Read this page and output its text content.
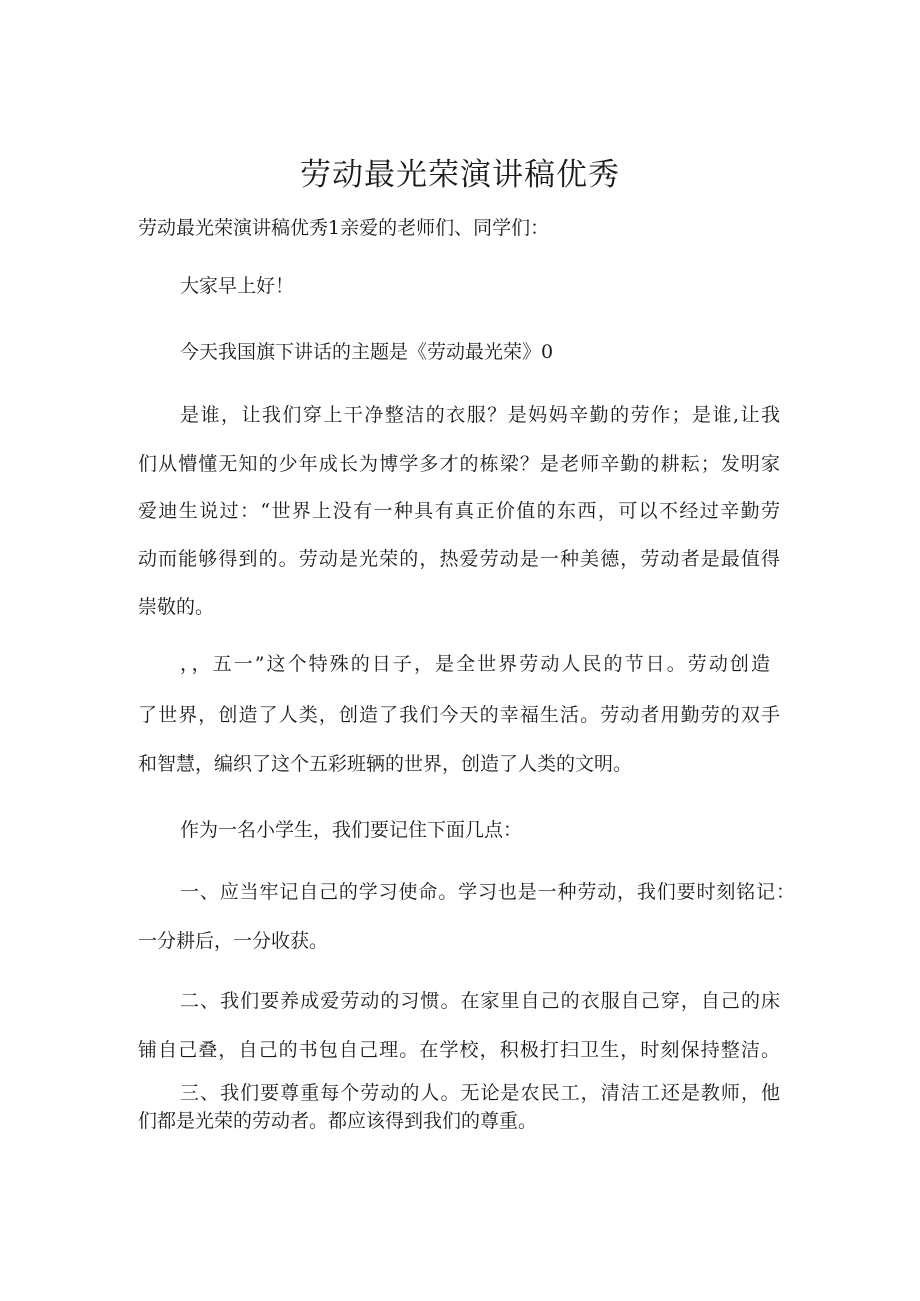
劳动最光荣演讲稿优秀

劳动最光荣演讲稿优秀1亲爱的老师们、同学们：

大家早上好！

今天我国旗下讲话的主题是《劳动最光荣》0

是谁，让我们穿上干净整洁的衣服？是妈妈辛勤的劳作；是谁,让我

们从懵懂无知的少年成长为博学多才的栋梁？是老师辛勤的耕耘；发明家

爱迪生说过：“世界上没有一种具有真正价值的东西，可以不经过辛勤劳

动而能够得到的。劳动是光荣的，热爱劳动是一种美德，劳动者是最值得

崇敬的。

，，五一”这个特殊的日子，是全世界劳动人民的节日。劳动创造

了世界，创造了人类，创造了我们今天的幸福生活。劳动者用勤劳的双手

和智慧，编织了这个五彩班辆的世界，创造了人类的文明。

作为一名小学生，我们要记住下面几点：

一、应当牢记自己的学习使命。学习也是一种劳动，我们要时刻铭记：

一分耕后，一分收获。

二、我们要养成爱劳动的习惯。在家里自己的衣服自己穿，自己的床

铺自己叠，自己的书包自己理。在学校，积极打扫卫生，时刻保持整洁。

三、我们要尊重每个劳动的人。无论是农民工，清洁工还是教师，他

们都是光荣的劳动者。都应该得到我们的尊重。
